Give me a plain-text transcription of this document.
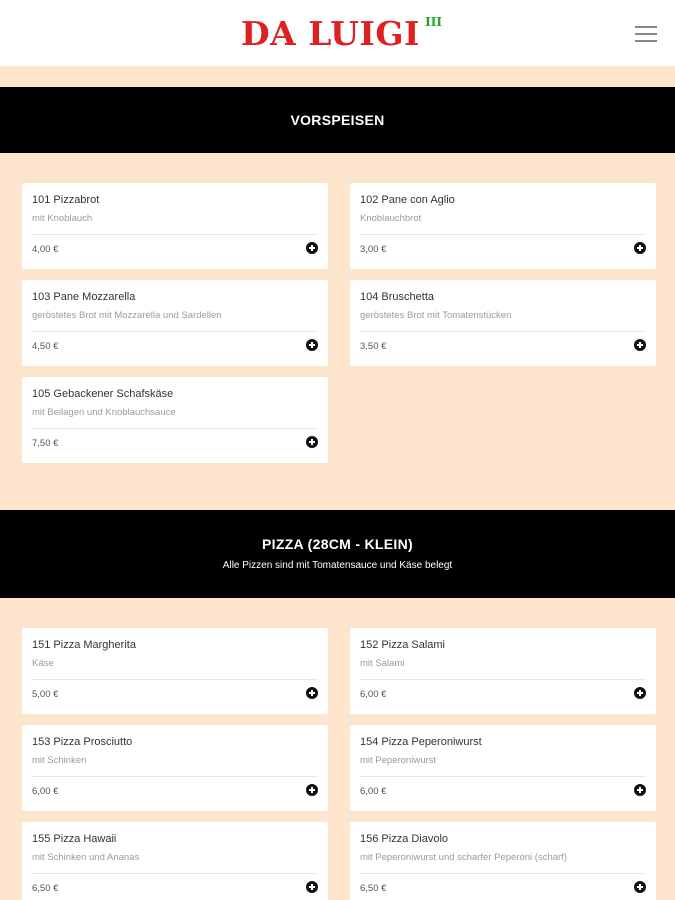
DA LUIGI III
VORSPEISEN
101 Pizzabrot
mit Knoblauch
4,00 €
102 Pane con Aglio
Knoblauchbrot
3,00 €
103 Pane Mozzarella
geröstetes Brot mit Mozzarella und Sardellen
4,50 €
104 Bruschetta
geröstetes Brot mit Tomatenstücken
3,50 €
105 Gebackener Schafskäse
mit Beilagen und Knoblauchsauce
7,50 €
PIZZA (28CM - KLEIN)
Alle Pizzen sind mit Tomatensauce und Käse belegt
151 Pizza Margherita
Käse
5,00 €
152 Pizza Salami
mit Salami
6,00 €
153 Pizza Prosciutto
mit Schinken
6,00 €
154 Pizza Peperoniwurst
mit Peperoniwurst
6,00 €
155 Pizza Hawaii
mit Schinken und Ananas
6,50 €
156 Pizza Diavolo
mit Peperoniwurst und scharfer Peperoni (scharf)
6,50 €
